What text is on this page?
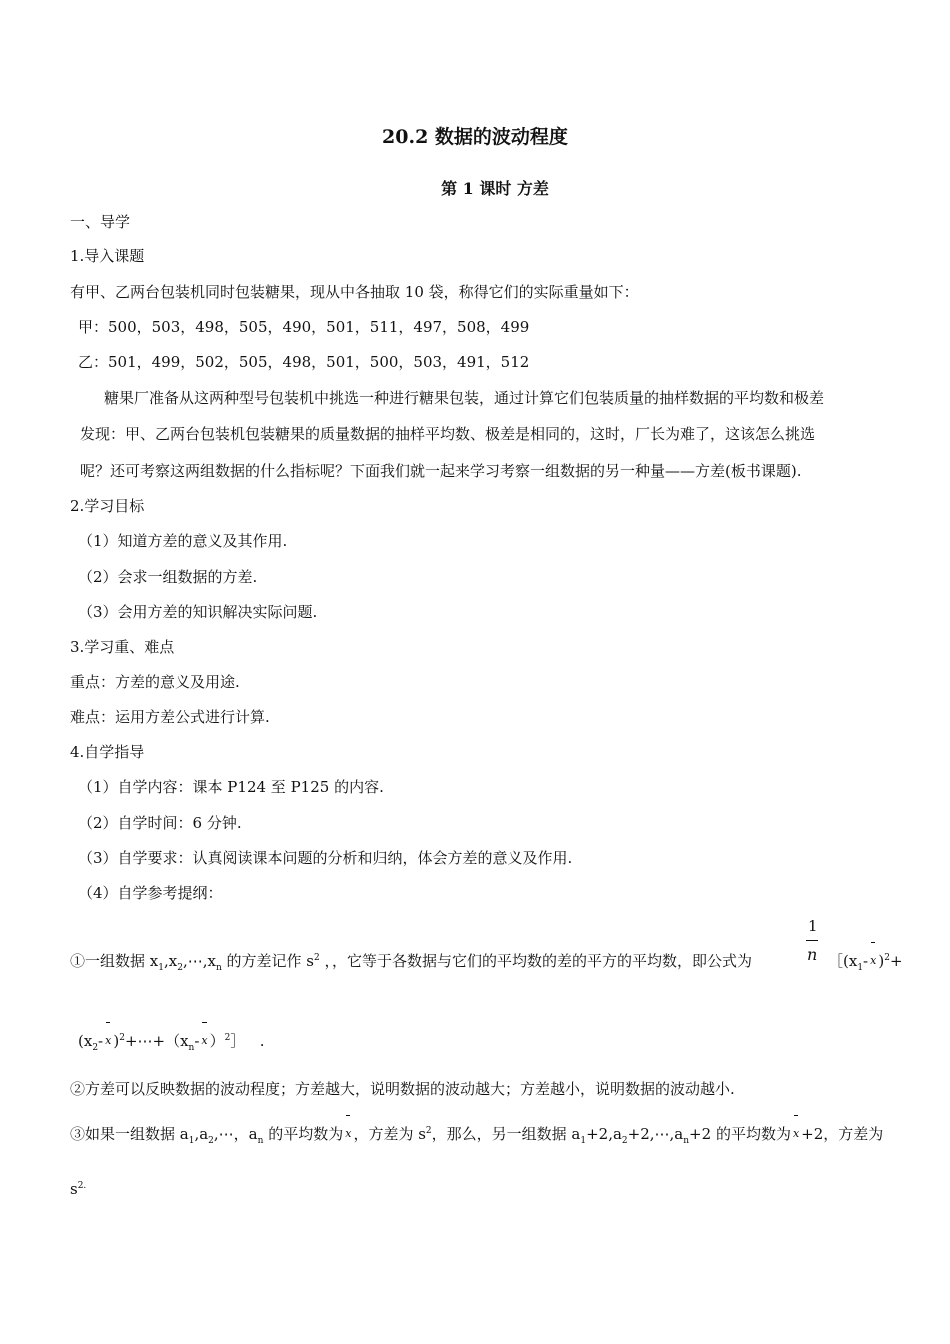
20.2 数据的波动程度
第 1 课时 方差
一、导学
1.导入课题
有甲、乙两台包装机同时包装糖果，现从中各抽取 10 袋，称得它们的实际重量如下：
甲：500，503，498，505，490，501，511，497，508，499
乙：501，499，502，505，498，501，500，503，491，512
糖果厂准备从这两种型号包装机中挑选一种进行糖果包装，通过计算它们包装质量的抽样数据的平均数和极差
发现：甲、乙两台包装机包装糖果的质量数据的抽样平均数、极差是相同的，这时，厂长为难了，这该怎么挑选
呢？还可考察这两组数据的什么指标呢？下面我们就一起来学习考察一组数据的另一种量——方差(板书课题).
2.学习目标
（1）知道方差的意义及其作用.
（2）会求一组数据的方差.
（3）会用方差的知识解决实际问题.
3.学习重、难点
重点：方差的意义及用途.
难点：运用方差公式进行计算.
4.自学指导
（1）自学内容：课本 P124 至 P125 的内容.
（2）自学时间：6 分钟.
（3）自学要求：认真阅读课本问题的分析和归纳，体会方差的意义及作用.
（4）自学参考提纲：
1
n
①一组数据 $x_1,x_2,\cdots,x_n$ 的方差记作 $s^2$ ，，它等于各数据与它们的平均数的差的平方的平均数，即公式为	$[(x_1-$ x )$^2$+
($x_2-$ x )$^2+\cdots+(x_n-$ x ）$^2$］   .
②方差可以反映数据的波动程度；方差越大，说明数据的波动越大；方差越小，说明数据的波动越小.
③如果一组数据 $a_1,a_2,\cdots$，$a_n$ 的平均数为 x ，方差为 $s^2$，那么，另一组数据 $a_1+2,a_2+2,\cdots,a_n+2$ 的平均数为 x +2，方差为
$s^{2.}$
